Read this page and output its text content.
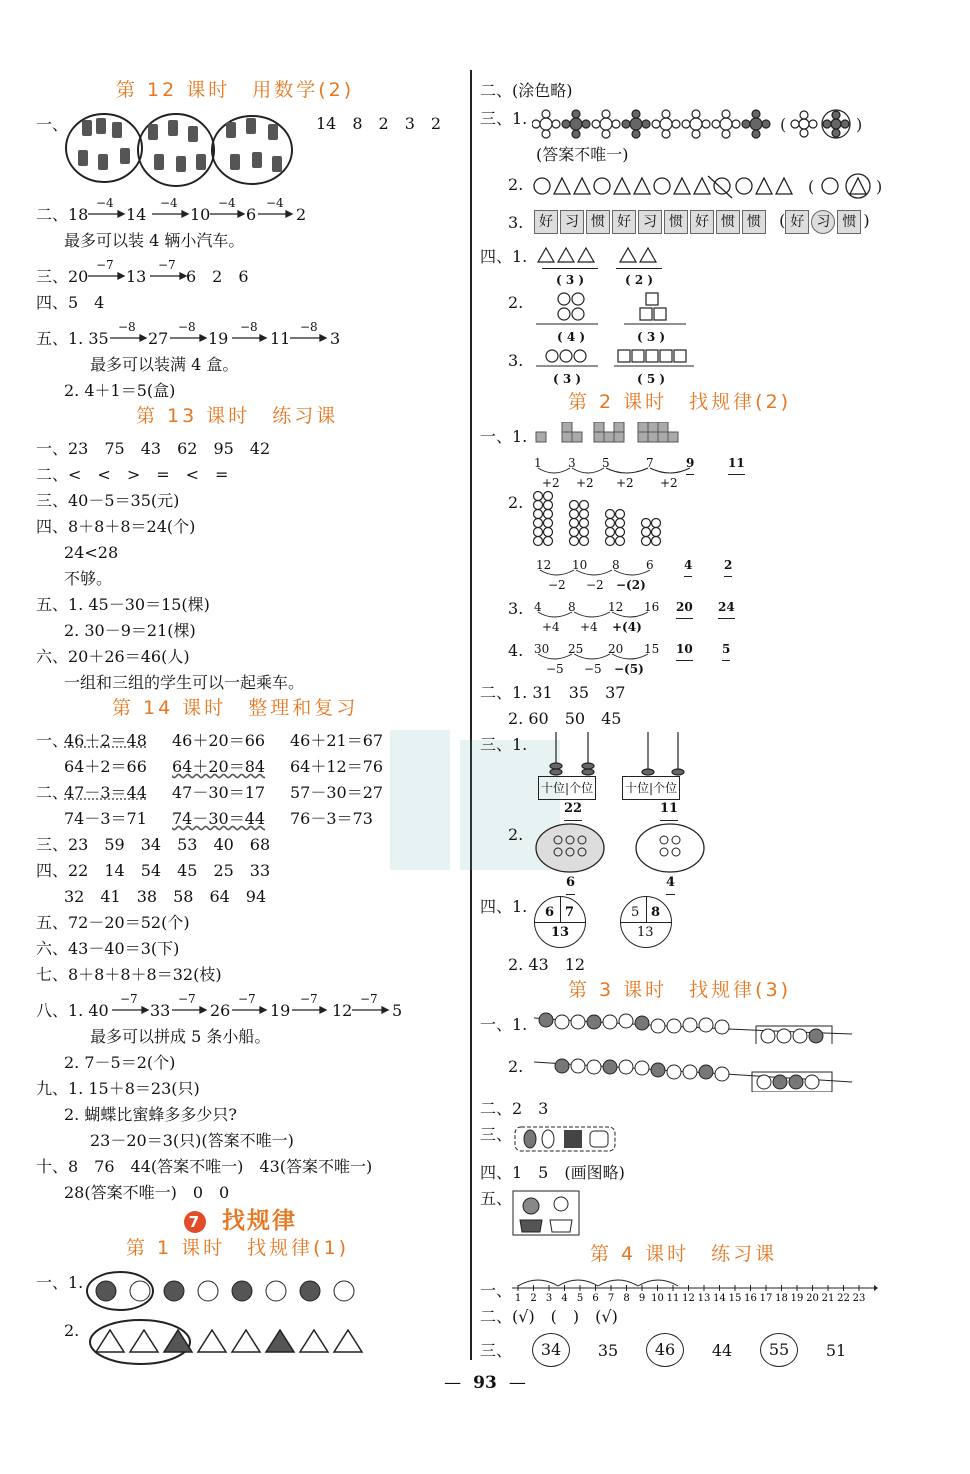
第 12 课时　用数学(2)
一、	14　8　2　3　2
二、18
−4
14
−4
10
−4
6
−4
2
最多可以装 4 辆小汽车。
三、20
−7
13
−7
6　2　6
四、5　4
五、1. 35
−8
27
−8
19
−8
11
−8
3
最多可以装满 4 盒。
2. 4＋1＝5(盒)
第 13 课时　练习课
一、23　75　43　62　95　42
二、<　<　>　=　<　=
三、40－5＝35(元)
四、8＋8＋8＝24(个)
24<28
不够。
五、1. 45－30＝15(棵)
2. 30－9＝21(棵)
六、20＋26＝46(人)
一组和三组的学生可以一起乘车。
第 14 课时　整理和复习
一、
46＋2＝48 46＋20＝66 46＋21＝67
64＋2＝66 64＋20＝84 64＋12＝76
二、
47－3＝44 47－30＝17 57－30＝27
74－3＝71 74－30＝44 76－3＝73
三、23　59　34　53　40　68
四、22　14　54　45　25　33
32　41　38　58　64　94
五、72－20＝52(个)
六、43－40＝3(下)
七、8＋8＋8＋8＝32(枝)
八、1. 40
−7
33
−7
26
−7
19
−7
12
−7
5
最多可以拼成 5 条小船。
2. 7－5＝2(个)
九、1. 15＋8＝23(只)
2. 蝴蝶比蜜蜂多多少只?
23－20＝3(只)(答案不唯一)
十、8　76　44(答案不唯一)　43(答案不唯一)
28(答案不唯一)　0　0
7 找规律
第 1 课时　找规律(1)
一、1.
2.
二、(涂色略)
三、1.	(	)
(答案不唯一)
2.	(	)
3.	好 习 惯 好 习 惯 好 惯 惯 ( 好 习 惯 )
四、1.
( 3 )	( 2 )
2.
( 4 )	( 3 )
3.
( 3 )	( 5 )
第 2 课时　找规律(2)
一、1.
1 3 5	7	9	11
+2 +2 +2 +2
2.
12 10 8 6	4	2
−2 −2 −(2)
3. 4 8	12 16 20 24
+4 +4 +(4)
4. 30 25 20 15 10 5
−5 −5 −(5)
二、1. 31　35　37
2. 60　50　45
三、1.
十位|个位	十位|个位
22	11
2.
6	4
四、1. 6 7
13
5 8
13
2. 43　12
第 3 课时　找规律(3)
一、1.
2.
二、2　3
三、
四、1　5　(画图略)
五、
第 4 课时　练习课
一、 1 2 3 4 5 6 7 8 9 10 11 12 13 14 15 16 17 18 19 20 21 22 23
二、(√)　(　)　(√)
三、	34	35	46	44	55	51
— 93 —
